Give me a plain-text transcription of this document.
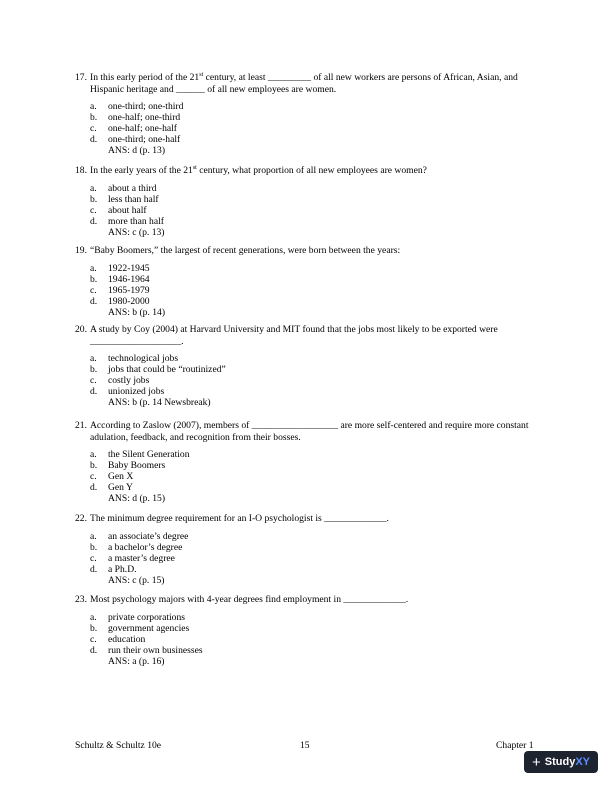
17. In this early period of the 21st century, at least _________ of all new workers are persons of African, Asian, and Hispanic heritage and ______ of all new employees are women.
a.	one-third; one-third
b.	one-half; one-third
c.	one-half; one-half
d.	one-third; one-half
ANS: d (p. 13)
18. In the early years of the 21st century, what proportion of all new employees are women?
a.	about a third
b.	less than half
c.	about half
d.	more than half
ANS: c (p. 13)
19. “Baby Boomers,” the largest of recent generations, were born between the years:
a.	1922-1945
b.	1946-1964
c.	1965-1979
d.	1980-2000
ANS: b (p. 14)
20. A study by Coy (2004) at Harvard University and MIT found that the jobs most likely to be exported were ___________________.
a.	technological jobs
b.	jobs that could be “routinized”
c.	costly jobs
d.	unionized jobs
ANS: b (p. 14 Newsbreak)
21. According to Zaslow (2007), members of __________________ are more self-centered and require more constant adulation, feedback, and recognition from their bosses.
a.	the Silent Generation
b.	Baby Boomers
c.	Gen X
d.	Gen Y
ANS: d (p. 15)
22. The minimum degree requirement for an I-O psychologist is _____________.
a.	an associate’s degree
b.	a bachelor’s degree
c.	a master’s degree
d.	a Ph.D.
ANS: c (p. 15)
23. Most psychology majors with 4-year degrees find employment in _____________.
a.	private corporations
b.	government agencies
c.	education
d.	run their own businesses
ANS: a (p. 16)
Schultz & Schultz 10e	15	Chapter 1
+ StudyXY
